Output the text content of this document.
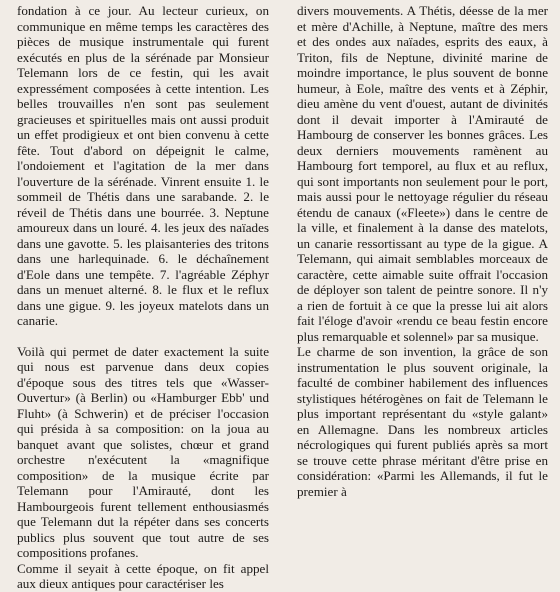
fondation à ce jour. Au lecteur curieux, on communique en même temps les caractères des pièces de musique instrumentale qui furent exécutés en plus de la sérénade par Monsieur Telemann lors de ce festin, qui les avait expressément composées à cette intention. Les belles trouvailles n'en sont pas seulement gracieuses et spirituelles mais ont aussi produit un effet prodigieux et ont bien convenu à cette fête. Tout d'abord on dépeignit le calme, l'ondoiement et l'agitation de la mer dans l'ouverture de la sérénade. Vinrent ensuite 1. le sommeil de Thétis dans une sarabande. 2. le réveil de Thétis dans une bourrée. 3. Neptune amoureux dans un louré. 4. les jeux des naïades dans une gavotte. 5. les plaisanteries des tritons dans une harlequinade. 6. le déchaînement d'Eole dans une tempête. 7. l'agréable Zéphyr dans un menuet alterné. 8. le flux et le reflux dans une gigue. 9. les joyeux matelots dans un canarie.

Voilà qui permet de dater exactement la suite qui nous est parvenue dans deux copies d'époque sous des titres tels que «Wasser-Ouvertur» (à Berlin) ou «Hamburger Ebb' und Fluht» (à Schwerin) et de préciser l'occasion qui présida à sa composition: on la joua au banquet avant que solistes, chœur et grand orchestre n'exécutent la «magnifique composition» de la musique écrite par Telemann pour l'Amirauté, dont les Hambourgeois furent tellement enthousiasmés que Telemann dut la répéter dans ses concerts publics plus souvent que tout autre de ses compositions profanes.

Comme il seyait à cette époque, on fit appel aux dieux antiques pour caractériser les

divers mouvements. A Thétis, déesse de la mer et mère d'Achille, à Neptune, maître des mers et des ondes aux naïades, esprits des eaux, à Triton, fils de Neptune, divinité marine de moindre importance, le plus souvent de bonne humeur, à Eole, maître des vents et à Zéphir, dieu amène du vent d'ouest, autant de divinités dont il devait importer à l'Amirauté de Hambourg de conserver les bonnes grâces. Les deux derniers mouvements ramènent au Hambourg fort temporel, au flux et au reflux, qui sont importants non seulement pour le port, mais aussi pour le nettoyage régulier du réseau étendu de canaux («Fleete») dans le centre de la ville, et finalement à la danse des matelots, un canarie ressortissant au type de la gigue. A Telemann, qui aimait semblables morceaux de caractère, cette aimable suite offrait l'occasion de déployer son talent de peintre sonore. Il n'y a rien de fortuit à ce que la presse lui ait alors fait l'éloge d'avoir «rendu ce beau festin encore plus remarquable et solennel» par sa musique.

Le charme de son invention, la grâce de son instrumentation le plus souvent originale, la faculté de combiner habilement des influences stylistiques hétérogènes on fait de Telemann le plus important représentant du «style galant» en Allemagne. Dans les nombreux articles nécrologiques qui furent publiés après sa mort se trouve cette phrase méritant d'être prise en considération: «Parmi les Allemands, il fut le premier à
